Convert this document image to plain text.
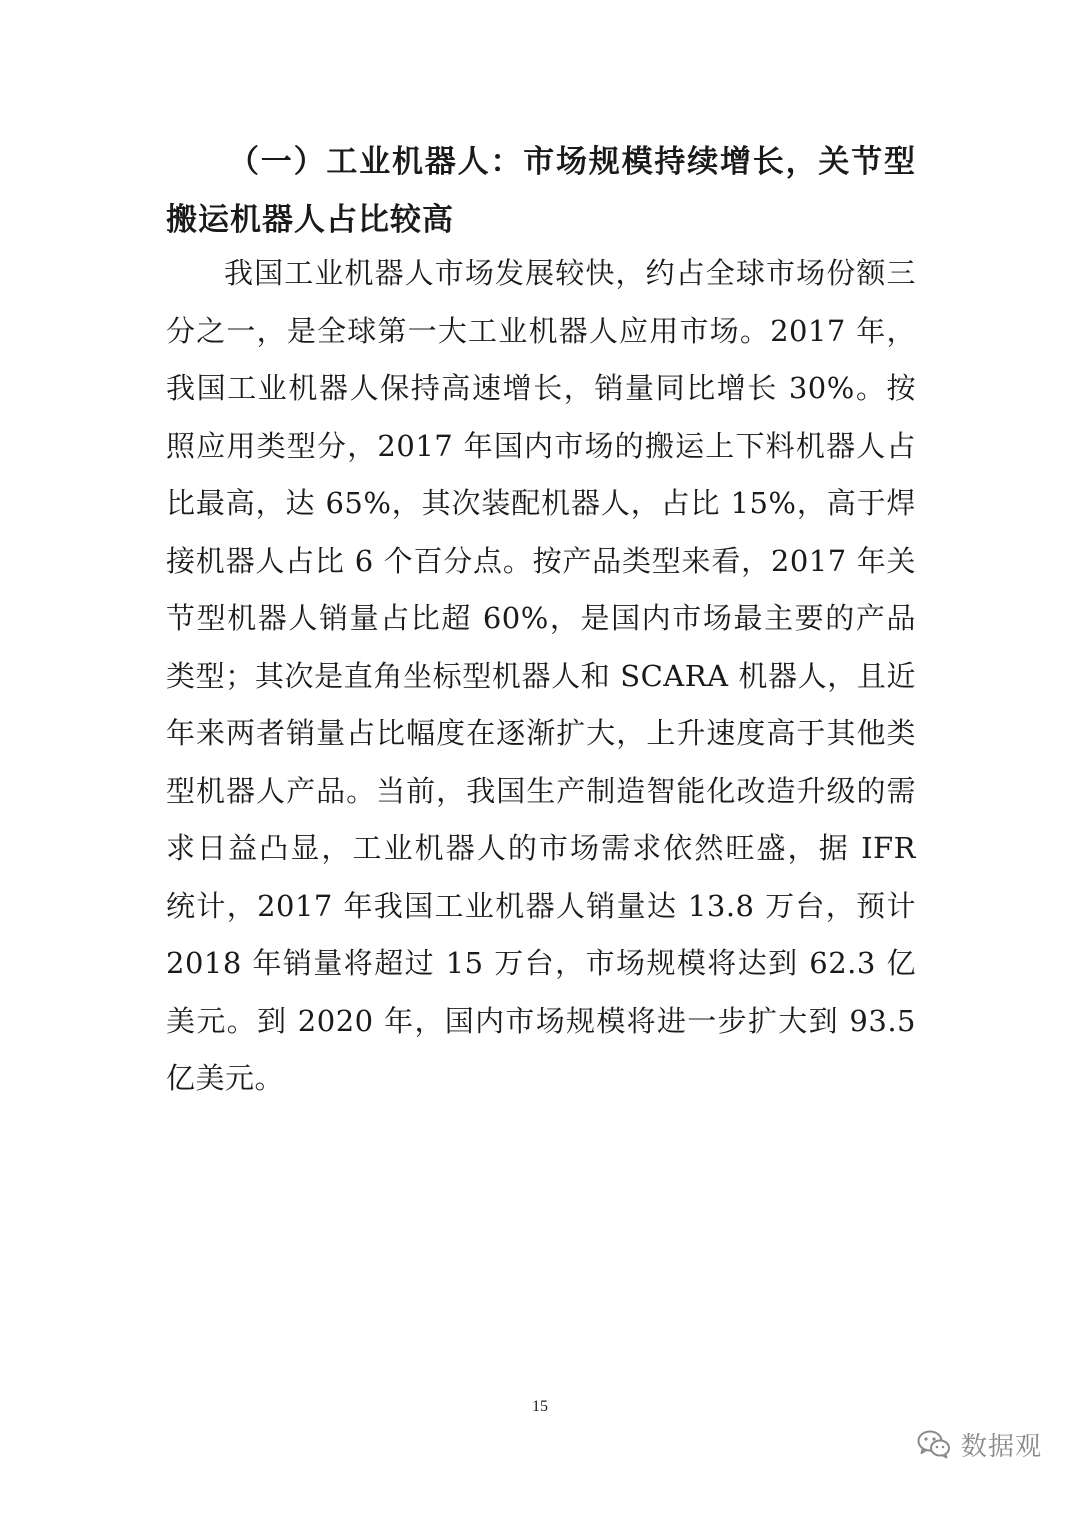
（一）工业机器人：市场规模持续增长，关节型搬运机器人占比较高

我国工业机器人市场发展较快，约占全球市场份额三分之一，是全球第一大工业机器人应用市场。2017 年，我国工业机器人保持高速增长，销量同比增长 30%。按照应用类型分，2017 年国内市场的搬运上下料机器人占比最高，达 65%，其次装配机器人，占比 15%，高于焊接机器人占比 6 个百分点。按产品类型来看，2017 年关节型机器人销量占比超 60%，是国内市场最主要的产品类型；其次是直角坐标型机器人和 SCARA 机器人，且近年来两者销量占比幅度在逐渐扩大，上升速度高于其他类型机器人产品。当前，我国生产制造智能化改造升级的需求日益凸显，工业机器人的市场需求依然旺盛，据 IFR 统计，2017 年我国工业机器人销量达 13.8 万台，预计 2018 年销量将超过 15 万台，市场规模将达到 62.3 亿美元。到 2020 年，国内市场规模将进一步扩大到 93.5 亿美元。

15
数据观
